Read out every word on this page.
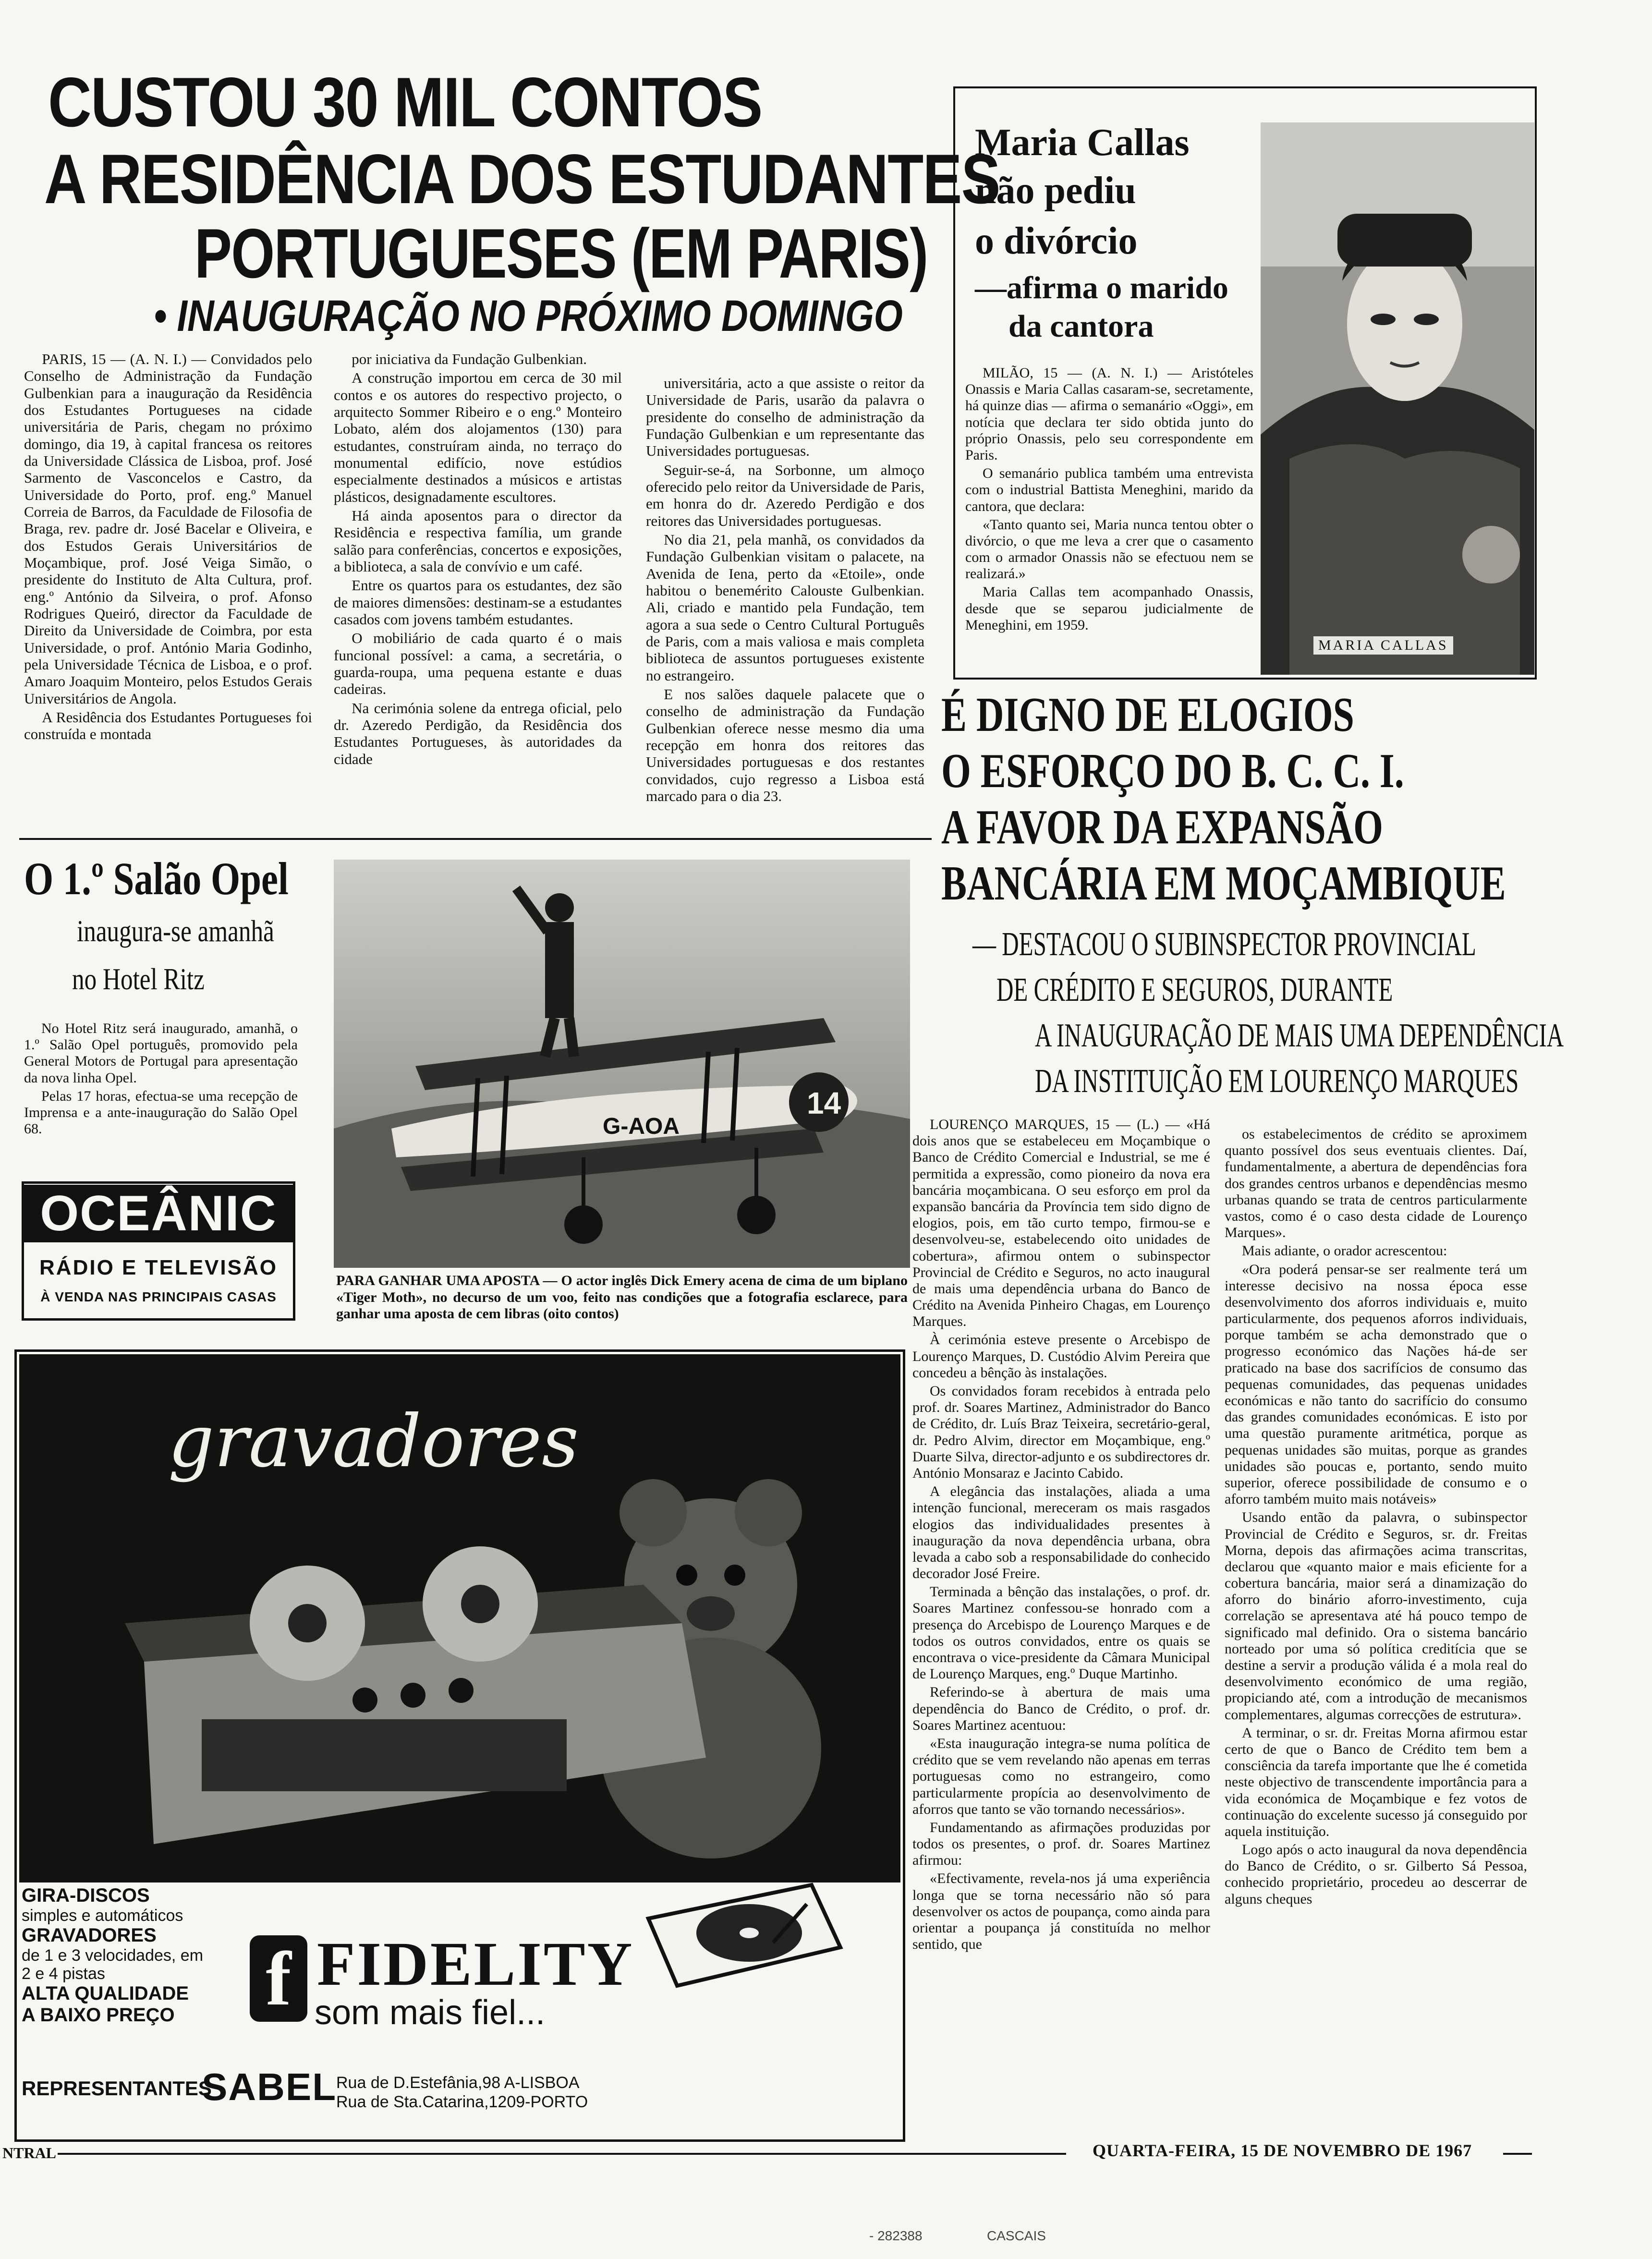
CUSTOU 30 MIL CONTOS
A RESIDÊNCIA DOS ESTUDANTES
PORTUGUESES (EM PARIS)
• INAUGURAÇÃO NO PRÓXIMO DOMINGO

PARIS, 15 — (A. N. I.) — Convidados pelo Conselho de Administração da Fundação Gulbenkian para a inauguração da Residência dos Estudantes Portugueses na cidade universitária de Paris, chegam no próximo domingo, dia 19, à capital francesa os reitores da Universidade Clássica de Lisboa, prof. José Sarmento de Vasconcelos e Castro, da Universidade do Porto, prof. eng.º Manuel Correia de Barros, da Faculdade de Filosofia de Braga, rev. padre dr. José Bacelar e Oliveira, e dos Estudos Gerais Universitários de Moçambique, prof. José Veiga Simão, o presidente do Instituto de Alta Cultura, prof. eng.º António da Silveira, o prof. Afonso Rodrigues Queiró, director da Faculdade de Direito da Universidade de Coimbra, por esta Universidade, o prof. António Maria Godinho, pela Universidade Técnica de Lisboa, e o prof. Amaro Joaquim Monteiro, pelos Estudos Gerais Universitários de Angola.

A Residência dos Estudantes Portugueses foi construída e montada

por iniciativa da Fundação Gulbenkian.

A construção importou em cerca de 30 mil contos e os autores do respectivo projecto, o arquitecto Sommer Ribeiro e o eng.º Monteiro Lobato, além dos alojamentos (130) para estudantes, construíram ainda, no terraço do monumental edifício, nove estúdios especialmente destinados a músicos e artistas plásticos, designadamente escultores.

Há ainda aposentos para o director da Residência e respectiva família, um grande salão para conferências, concertos e exposições, a biblioteca, a sala de convívio e um café.

Entre os quartos para os estudantes, dez são de maiores dimensões: destinam-se a estudantes casados com jovens também estudantes.

O mobiliário de cada quarto é o mais funcional possível: a cama, a secretária, o guarda-roupa, uma pequena estante e duas cadeiras.

Na cerimónia solene da entrega oficial, pelo dr. Azeredo Perdigão, da Residência dos Estudantes Portugueses, às autoridades da cidade

universitária, acto a que assiste o reitor da Universidade de Paris, usarão da palavra o presidente do conselho de administração da Fundação Gulbenkian e um representante das Universidades portuguesas.

Seguir-se-á, na Sorbonne, um almoço oferecido pelo reitor da Universidade de Paris, em honra do dr. Azeredo Perdigão e dos reitores das Universidades portuguesas.

No dia 21, pela manhã, os convidados da Fundação Gulbenkian visitam o palacete, na Avenida de Iena, perto da «Etoile», onde habitou o benemérito Calouste Gulbenkian. Ali, criado e mantido pela Fundação, tem agora a sua sede o Centro Cultural Português de Paris, com a mais valiosa e mais completa biblioteca de assuntos portugueses existente no estrangeiro.

E nos salões daquele palacete que o conselho de administração da Fundação Gulbenkian oferece nesse mesmo dia uma recepção em honra dos reitores das Universidades portuguesas e dos restantes convidados, cujo regresso a Lisboa está marcado para o dia 23.

Maria Callas
não pediu
o divórcio
—afirma o marido
da cantora
MARIA CALLAS

MILÃO, 15 — (A. N. I.) — Aristóteles Onassis e Maria Callas casaram-se, secretamente, há quinze dias — afirma o semanário «Oggi», em notícia que declara ter sido obtida junto do próprio Onassis, pelo seu correspondente em Paris.

O semanário publica também uma entrevista com o industrial Battista Meneghini, marido da cantora, que declara:

«Tanto quanto sei, Maria nunca tentou obter o divórcio, o que me leva a crer que o casamento com o armador Onassis não se efectuou nem se realizará.»

Maria Callas tem acompanhado Onassis, desde que se separou judicialmente de Meneghini, em 1959.

É DIGNO DE ELOGIOS
O ESFORÇO DO B. C. C. I.
A FAVOR DA EXPANSÃO
BANCÁRIA EM MOÇAMBIQUE
— DESTACOU O SUBINSPECTOR PROVINCIAL
DE CRÉDITO E SEGUROS, DURANTE
A INAUGURAÇÃO DE MAIS UMA DEPENDÊNCIA
DA INSTITUIÇÃO EM LOURENÇO MARQUES

LOURENÇO MARQUES, 15 — (L.) — «Há dois anos que se estabeleceu em Moçambique o Banco de Crédito Comercial e Industrial, se me é permitida a expressão, como pioneiro da nova era bancária moçambicana. O seu esforço em prol da expansão bancária da Província tem sido digno de elogios, pois, em tão curto tempo, firmou-se e desenvolveu-se, estabelecendo oito unidades de cobertura», afirmou ontem o subinspector Provincial de Crédito e Seguros, no acto inaugural de mais uma dependência urbana do Banco de Crédito na Avenida Pinheiro Chagas, em Lourenço Marques.

À cerimónia esteve presente o Arcebispo de Lourenço Marques, D. Custódio Alvim Pereira que concedeu a bênção às instalações.

Os convidados foram recebidos à entrada pelo prof. dr. Soares Martinez, Administrador do Banco de Crédito, dr. Luís Braz Teixeira, secretário-geral, dr. Pedro Alvim, director em Moçambique, eng.º Duarte Silva, director-adjunto e os subdirectores dr. António Monsaraz e Jacinto Cabido.

A elegância das instalações, aliada a uma intenção funcional, mereceram os mais rasgados elogios das individualidades presentes à inauguração da nova dependência urbana, obra levada a cabo sob a responsabilidade do conhecido decorador José Freire.

Terminada a bênção das instalações, o prof. dr. Soares Martinez confessou-se honrado com a presença do Arcebispo de Lourenço Marques e de todos os outros convidados, entre os quais se encontrava o vice-presidente da Câmara Municipal de Lourenço Marques, eng.º Duque Martinho.

Referindo-se à abertura de mais uma dependência do Banco de Crédito, o prof. dr. Soares Martinez acentuou:

«Esta inauguração integra-se numa política de crédito que se vem revelando não apenas em terras portuguesas como no estrangeiro, como particularmente propícia ao desenvolvimento de aforros que tanto se vão tornando necessários».

Fundamentando as afirmações produzidas por todos os presentes, o prof. dr. Soares Martinez afirmou:

«Efectivamente, revela-nos já uma experiência longa que se torna necessário não só para desenvolver os actos de poupança, como ainda para orientar a poupança já constituída no melhor sentido, que

os estabelecimentos de crédito se aproximem quanto possível dos seus eventuais clientes. Daí, fundamentalmente, a abertura de dependências fora dos grandes centros urbanos e dependências mesmo urbanas quando se trata de centros particularmente vastos, como é o caso desta cidade de Lourenço Marques».

Mais adiante, o orador acrescentou:

«Ora poderá pensar-se ser realmente terá um interesse decisivo na nossa época esse desenvolvimento dos aforros individuais e, muito particularmente, dos pequenos aforros individuais, porque também se acha demonstrado que o progresso económico das Nações há-de ser praticado na base dos sacrifícios de consumo das pequenas comunidades, das pequenas unidades económicas e não tanto do sacrifício do consumo das grandes comunidades económicas. E isto por uma questão puramente aritmética, porque as pequenas unidades são muitas, porque as grandes unidades são poucas e, portanto, sendo muito superior, oferece possibilidade de consumo e o aforro também muito mais notáveis»

Usando então da palavra, o subinspector Provincial de Crédito e Seguros, sr. dr. Freitas Morna, depois das afirmações acima transcritas, declarou que «quanto maior e mais eficiente for a cobertura bancária, maior será a dinamização do aforro do binário aforro-investimento, cuja correlação se apresentava até há pouco tempo de significado mal definido. Ora o sistema bancário norteado por uma só política creditícia que se destine a servir a produção válida é a mola real do desenvolvimento económico de uma região, propiciando até, com a introdução de mecanismos complementares, algumas correcções de estrutura».

A terminar, o sr. dr. Freitas Morna afirmou estar certo de que o Banco de Crédito tem bem a consciência da tarefa importante que lhe é cometida neste objectivo de transcendente importância para a vida económica de Moçambique e fez votos de continuação do excelente sucesso já conseguido por aquela instituição.

Logo após o acto inaugural da nova dependência do Banco de Crédito, o sr. Gilberto Sá Pessoa, conhecido proprietário, procedeu ao descerrar de alguns cheques

O 1.º Salão Opel
inaugura-se amanhã
no Hotel Ritz

No Hotel Ritz será inaugurado, amanhã, o 1.º Salão Opel português, promovido pela General Motors de Portugal para apresentação da nova linha Opel.

Pelas 17 horas, efectua-se uma recepção de Imprensa e a ante-inauguração do Salão Opel 68.

OCEÂNIC
RÁDIO E TELEVISÃO
À VENDA NAS PRINCIPAIS CASAS
14
G-AOA
PARA GANHAR UMA APOSTA — O actor inglês Dick Emery acena de cima de um biplano «Tiger Moth», no decurso de um voo, feito nas condições que a fotografia esclarece, para ganhar uma aposta de cem libras (oito contos)
gravadores
GIRA-DISCOS
simples e automáticos
GRAVADORES
de 1 e 3 velocidades, em
2 e 4 pistas
ALTA QUALIDADE
A BAIXO PREÇO	f FIDELITY
som mais fiel...
REPRESENTANTES
SABEL
Rua de D.Estefânia,98 A-LISBOA
Rua de Sta.Catarina,1209-PORTO
NTRAL	QUARTA-FEIRA, 15 DE NOVEMBRO DE 1967
- 282388	CASCAIS
